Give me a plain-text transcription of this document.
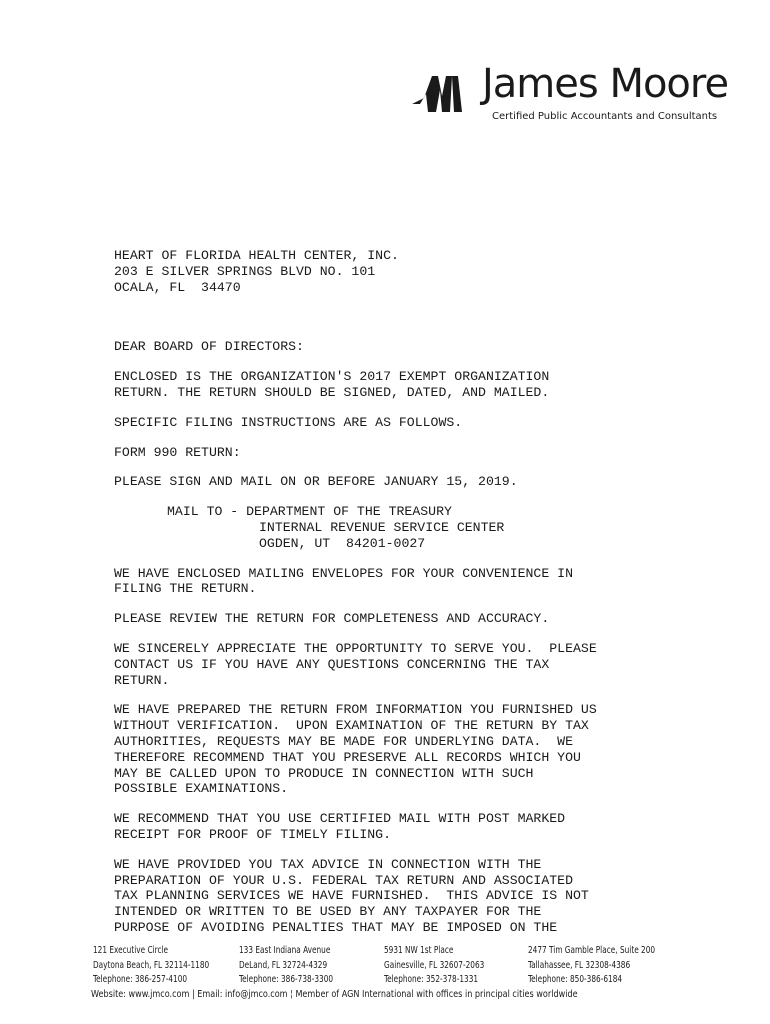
James Moore
Certified Public Accountants and Consultants
HEART OF FLORIDA HEALTH CENTER, INC.
203 E SILVER SPRINGS BLVD NO. 101
OCALA, FL  34470
DEAR BOARD OF DIRECTORS:
ENCLOSED IS THE ORGANIZATION'S 2017 EXEMPT ORGANIZATION
RETURN. THE RETURN SHOULD BE SIGNED, DATED, AND MAILED.
SPECIFIC FILING INSTRUCTIONS ARE AS FOLLOWS.
FORM 990 RETURN:
PLEASE SIGN AND MAIL ON OR BEFORE JANUARY 15, 2019.
MAIL TO - DEPARTMENT OF THE TREASURY
INTERNAL REVENUE SERVICE CENTER
OGDEN, UT  84201-0027
WE HAVE ENCLOSED MAILING ENVELOPES FOR YOUR CONVENIENCE IN
FILING THE RETURN.
PLEASE REVIEW THE RETURN FOR COMPLETENESS AND ACCURACY.
WE SINCERELY APPRECIATE THE OPPORTUNITY TO SERVE YOU.  PLEASE
CONTACT US IF YOU HAVE ANY QUESTIONS CONCERNING THE TAX
RETURN.
WE HAVE PREPARED THE RETURN FROM INFORMATION YOU FURNISHED US
WITHOUT VERIFICATION.  UPON EXAMINATION OF THE RETURN BY TAX
AUTHORITIES, REQUESTS MAY BE MADE FOR UNDERLYING DATA.  WE
THEREFORE RECOMMEND THAT YOU PRESERVE ALL RECORDS WHICH YOU
MAY BE CALLED UPON TO PRODUCE IN CONNECTION WITH SUCH
POSSIBLE EXAMINATIONS.
WE RECOMMEND THAT YOU USE CERTIFIED MAIL WITH POST MARKED
RECEIPT FOR PROOF OF TIMELY FILING.
WE HAVE PROVIDED YOU TAX ADVICE IN CONNECTION WITH THE
PREPARATION OF YOUR U.S. FEDERAL TAX RETURN AND ASSOCIATED
TAX PLANNING SERVICES WE HAVE FURNISHED.  THIS ADVICE IS NOT
INTENDED OR WRITTEN TO BE USED BY ANY TAXPAYER FOR THE
PURPOSE OF AVOIDING PENALTIES THAT MAY BE IMPOSED ON THE
121 Executive Circle
Daytona Beach, FL 32114-1180
Telephone: 386-257-4100
133 East Indiana Avenue
DeLand, FL 32724-4329
Telephone: 386-738-3300
5931 NW 1st Place
Gainesville, FL 32607-2063
Telephone: 352-378-1331
2477 Tim Gamble Place, Suite 200
Tallahassee, FL 32308-4386
Telephone: 850-386-6184
Website: www.jmco.com | Email: info@jmco.com ¦ Member of AGN International with offices in principal cities worldwide
